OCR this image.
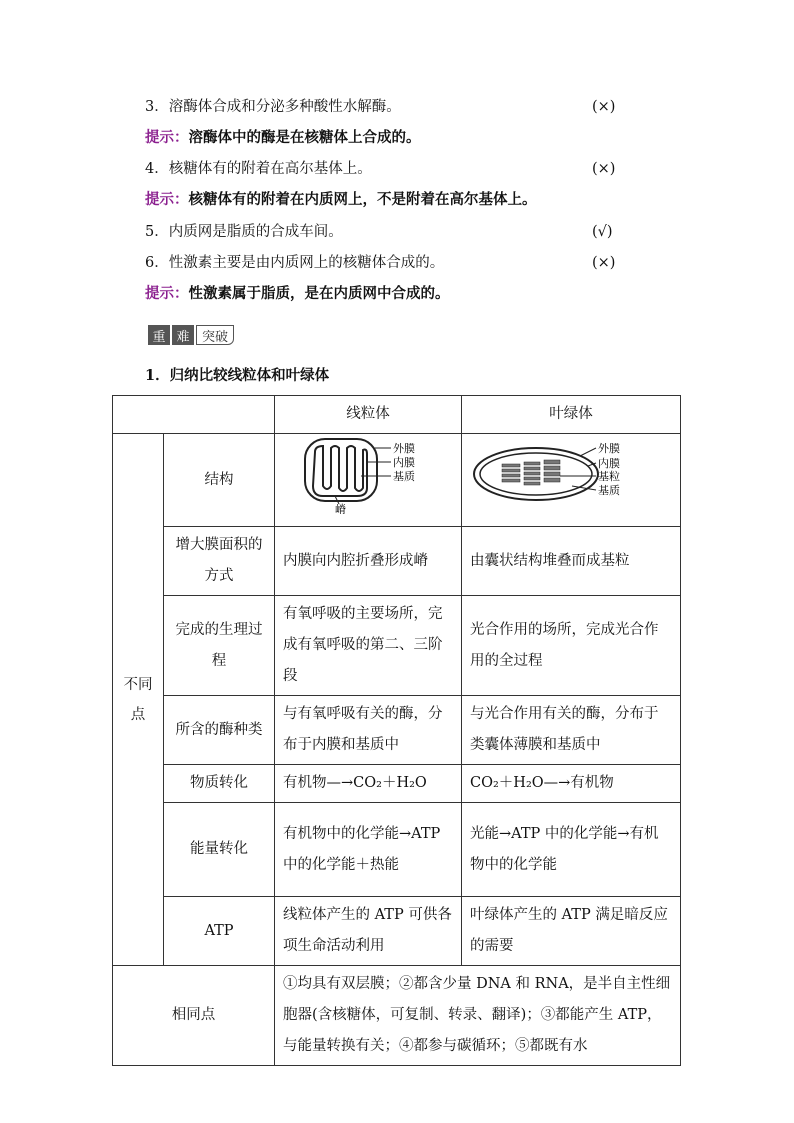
3．溶酶体合成和分泌多种酸性水解酶。	(×)
提示：溶酶体中的酶是在核糖体上合成的。
4．核糖体有的附着在高尔基体上。	(×)
提示：核糖体有的附着在内质网上，不是附着在高尔基体上。
5．内质网是脂质的合成车间。	(√)
6．性激素主要是由内质网上的核糖体合成的。	(×)
提示：性激素属于脂质，是在内质网中合成的。
重 难 突破
1．归纳比较线粒体和叶绿体
		线粒体	叶绿体

不同点	结构	外膜
内膜
基质
嵴	外膜
内膜
基粒
基质

	增大膜面积的方式	内膜向内腔折叠形成嵴	由囊状结构堆叠而成基粒
	完成的生理过程	有氧呼吸的主要场所，完成有氧呼吸的第二、三阶段	光合作用的场所，完成光合作用的全过程
	所含的酶种类	与有氧呼吸有关的酶，分布于内膜和基质中	与光合作用有关的酶，分布于类囊体薄膜和基质中
	物质转化	有机物—→CO₂＋H₂O	CO₂＋H₂O—→有机物
	能量转化	有机物中的化学能→ATP 中的化学能＋热能	光能→ATP 中的化学能→有机物中的化学能
	ATP	线粒体产生的 ATP 可供各项生命活动利用	叶绿体产生的 ATP 满足暗反应的需要
相同点		①均具有双层膜；②都含少量 DNA 和 RNA，是半自主性细胞器(含核糖体，可复制、转录、翻译)；③都能产生 ATP，与能量转换有关；④都参与碳循环；⑤都既有水	
